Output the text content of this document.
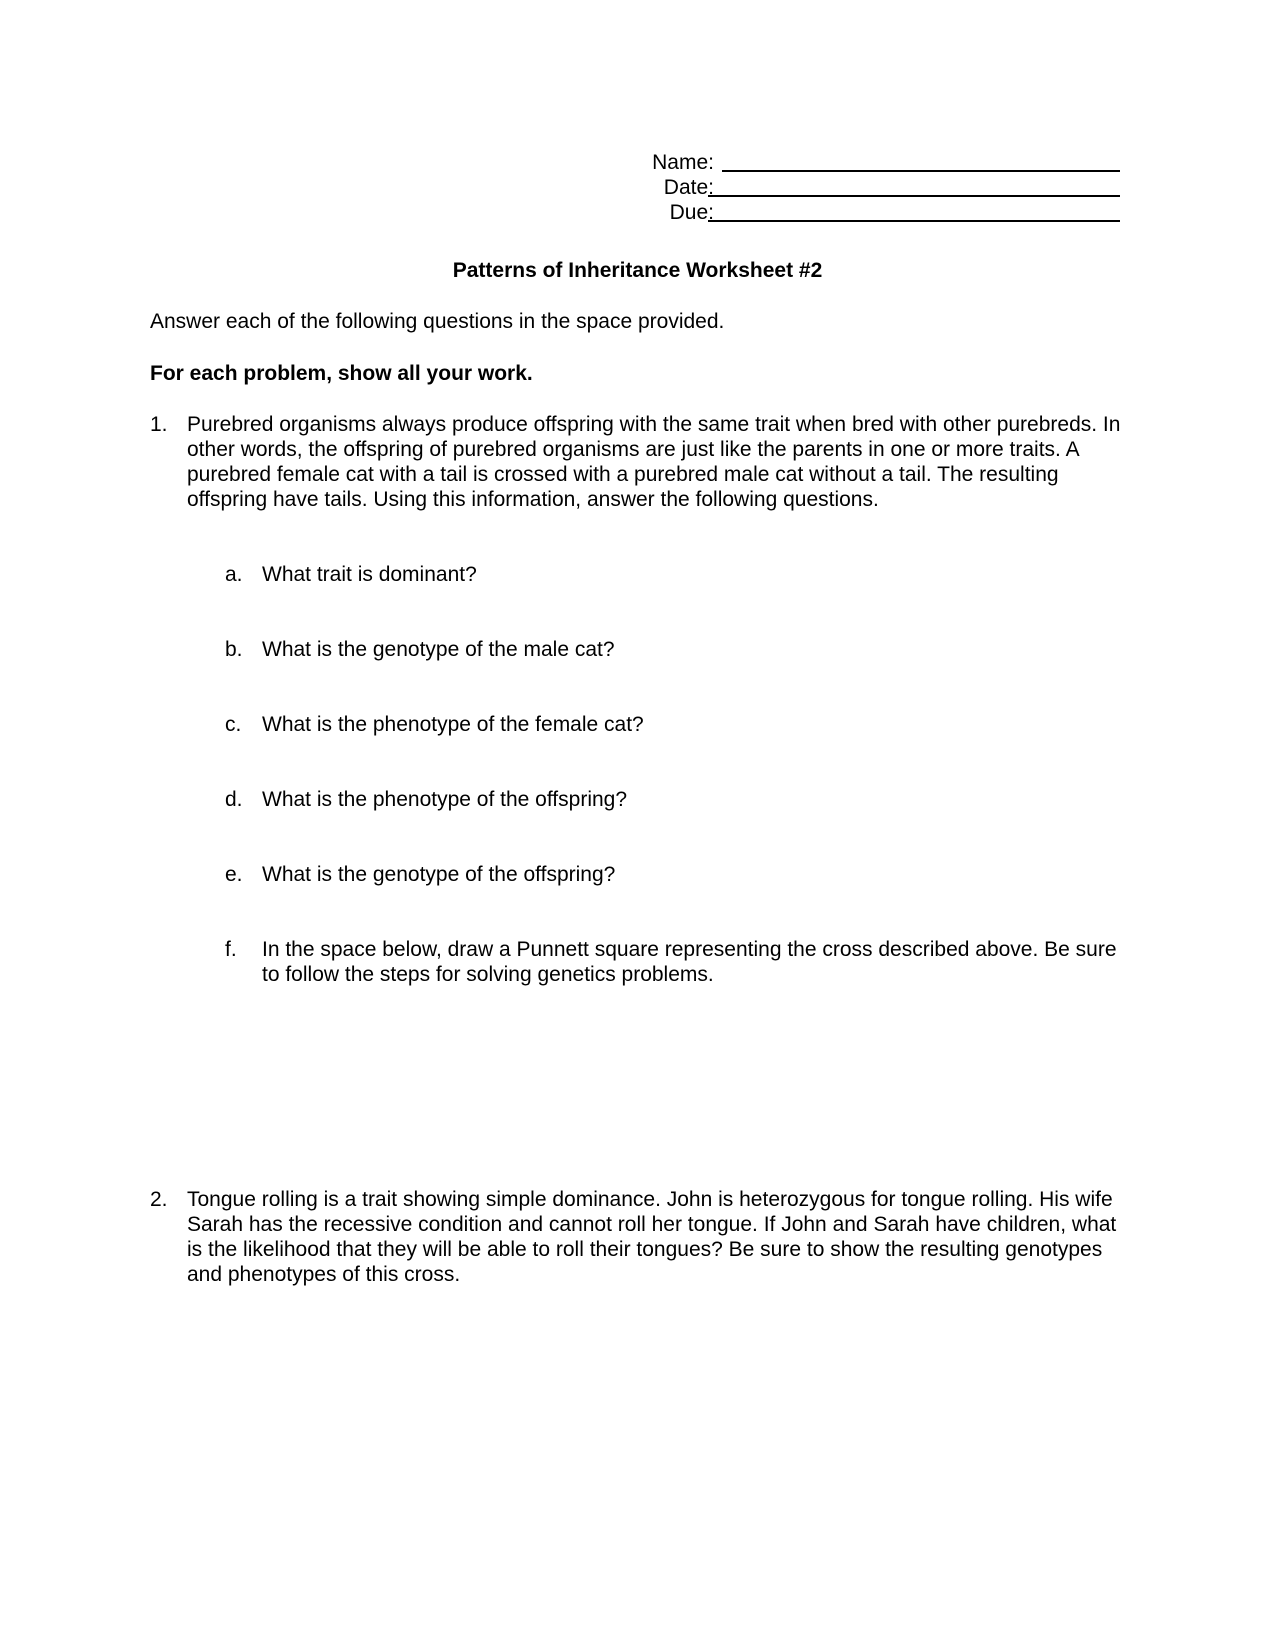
Name:
Date:
Due:
Patterns of Inheritance Worksheet #2
Answer each of the following questions in the space provided.
For each problem, show all your work.
1. Purebred organisms always produce offspring with the same trait when bred with other purebreds. In other words, the offspring of purebred organisms are just like the parents in one or more traits. A purebred female cat with a tail is crossed with a purebred male cat without a tail. The resulting offspring have tails. Using this information, answer the following questions.
a. What trait is dominant?
b. What is the genotype of the male cat?
c. What is the phenotype of the female cat?
d. What is the phenotype of the offspring?
e. What is the genotype of the offspring?
f. In the space below, draw a Punnett square representing the cross described above. Be sure to follow the steps for solving genetics problems.
2. Tongue rolling is a trait showing simple dominance. John is heterozygous for tongue rolling. His wife Sarah has the recessive condition and cannot roll her tongue. If John and Sarah have children, what is the likelihood that they will be able to roll their tongues? Be sure to show the resulting genotypes and phenotypes of this cross.
